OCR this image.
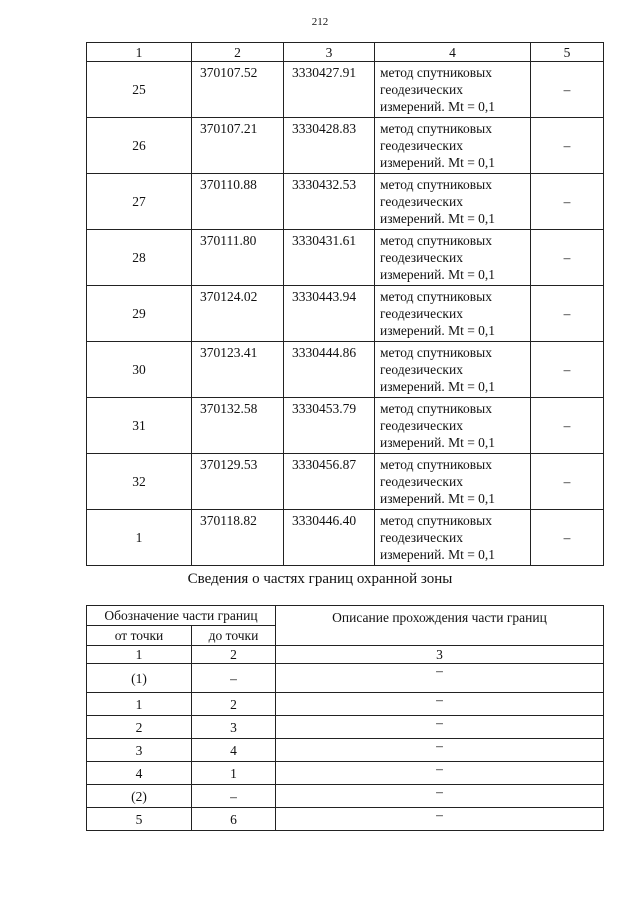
212
1	2	3	4	5
25	370107.52	3330427.91	метод спутниковых
геодезических
измерений. Mt = 0,1	–
26	370107.21	3330428.83	метод спутниковых
геодезических
измерений. Mt = 0,1	–
27	370110.88	3330432.53	метод спутниковых
геодезических
измерений. Mt = 0,1	–
28	370111.80	3330431.61	метод спутниковых
геодезических
измерений. Mt = 0,1	–
29	370124.02	3330443.94	метод спутниковых
геодезических
измерений. Mt = 0,1	–
30	370123.41	3330444.86	метод спутниковых
геодезических
измерений. Mt = 0,1	–
31	370132.58	3330453.79	метод спутниковых
геодезических
измерений. Mt = 0,1	–
32	370129.53	3330456.87	метод спутниковых
геодезических
измерений. Mt = 0,1	–
1	370118.82	3330446.40	метод спутниковых
геодезических
измерений. Mt = 0,1	–
Сведения о частях границ охранной зоны
Обозначение части границ		Описание прохождения части границ
от точки	до точки	
1	2	3
(1)	–	–
1	2	–
2	3	–
3	4	–
4	1	–
(2)	–	–
5	6	–
